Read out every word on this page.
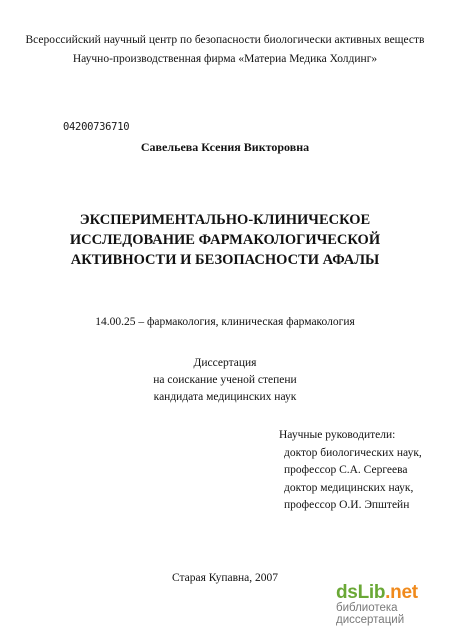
Всероссийский научный центр по безопасности биологически активных веществ
Научно-производственная фирма «Материа Медика Холдинг»
04200736710
Савельева Ксения Викторовна
ЭКСПЕРИМЕНТАЛЬНО-КЛИНИЧЕСКОЕ
ИССЛЕДОВАНИЕ ФАРМАКОЛОГИЧЕСКОЙ
АКТИВНОСТИ И БЕЗОПАСНОСТИ АФАЛЫ
14.00.25 – фармакология, клиническая фармакология
Диссертация
на соискание ученой степени
кандидата медицинских наук
Научные руководители:
доктор биологических наук,
профессор С.А. Сергеева
доктор медицинских наук,
профессор О.И. Эпштейн
Старая Купавна, 2007
dsLib.net
библиотека диссертаций
